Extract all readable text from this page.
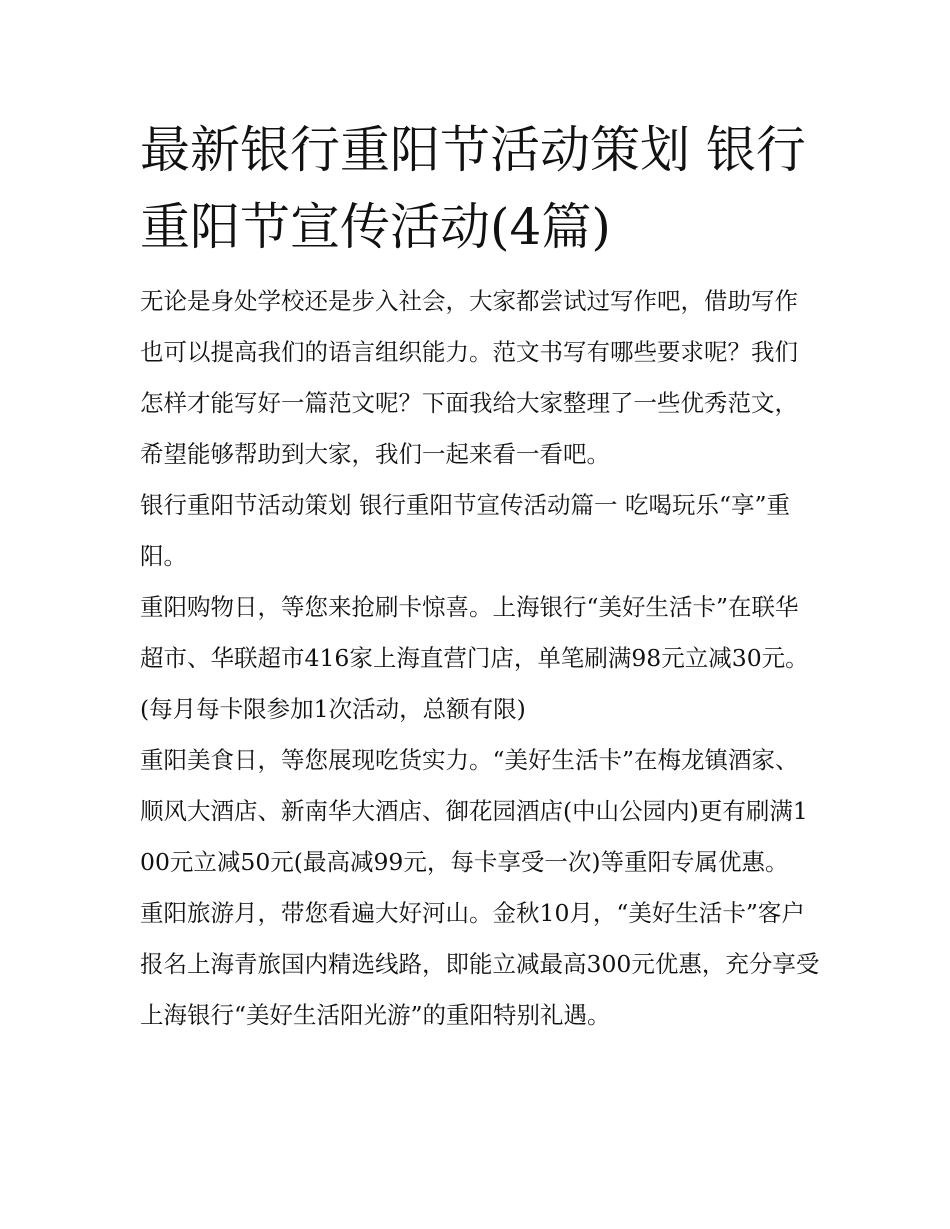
最新银行重阳节活动策划 银行重阳节宣传活动(4篇)

无论是身处学校还是步入社会，大家都尝试过写作吧，借助写作也可以提高我们的语言组织能力。范文书写有哪些要求呢？我们怎样才能写好一篇范文呢？下面我给大家整理了一些优秀范文，希望能够帮助到大家，我们一起来看一看吧。

银行重阳节活动策划 银行重阳节宣传活动篇一 吃喝玩乐“享”重阳。

重阳购物日，等您来抢刷卡惊喜。上海银行“美好生活卡”在联华超市、华联超市416家上海直营门店，单笔刷满98元立减30元。(每月每卡限参加1次活动，总额有限)

重阳美食日，等您展现吃货实力。“美好生活卡”在梅龙镇酒家、顺风大酒店、新南华大酒店、御花园酒店(中山公园内)更有刷满100元立减50元(最高减99元，每卡享受一次)等重阳专属优惠。

重阳旅游月，带您看遍大好河山。金秋10月，“美好生活卡”客户报名上海青旅国内精选线路，即能立减最高300元优惠，充分享受上海银行“美好生活阳光游”的重阳特别礼遇。
